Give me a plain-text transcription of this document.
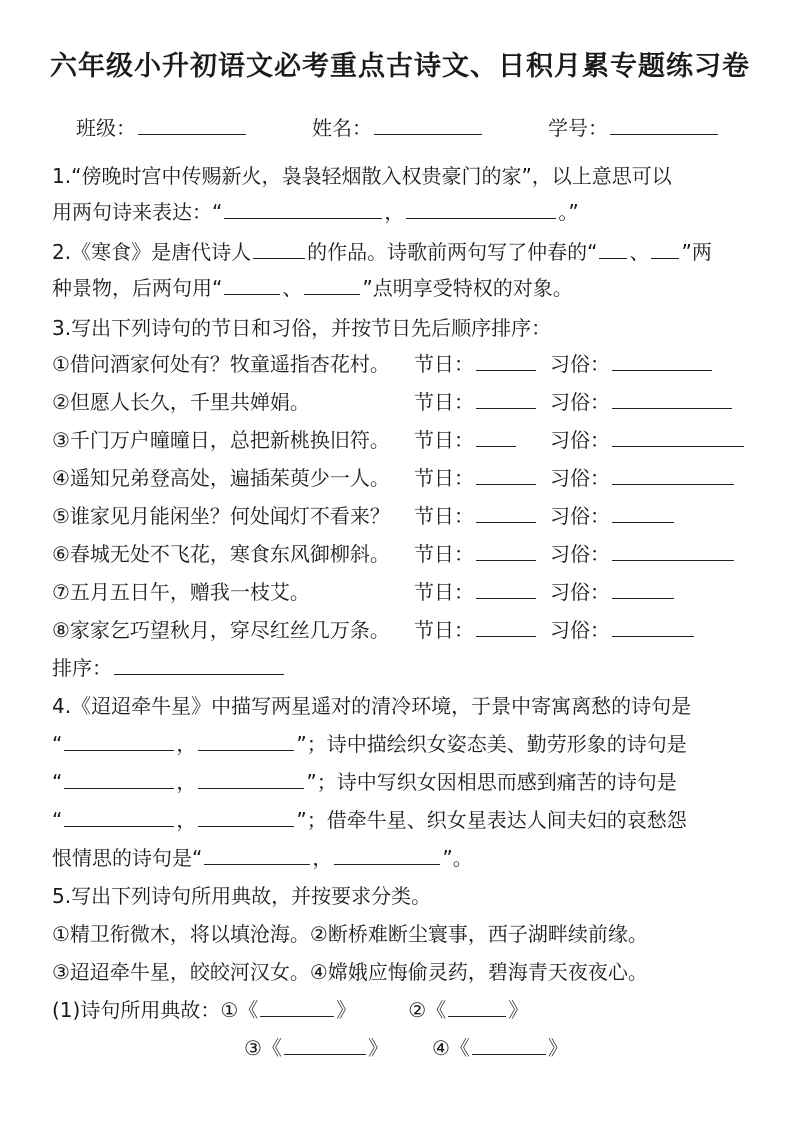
六年级小升初语文必考重点古诗文、日积月累专题练习卷
班级：	姓名：	学号：
1.“傍晚时宫中传赐新火，袅袅轻烟散入权贵豪门的家”，以上意思可以
用两句诗来表达：“	，	。”
2.《寒食》是唐代诗人	的作品。诗歌前两句写了仲春的“ 、 ”两
种景物，后两句用“	、	”点明享受特权的对象。
3.写出下列诗句的节日和习俗，并按节日先后顺序排序：
①借问酒家何处有？牧童遥指杏花村。 节日：	习俗：
②但愿人长久，千里共婵娟。	节日：	习俗：
③千门万户曈曈日，总把新桃换旧符。 节日：	习俗：
④遥知兄弟登高处，遍插茱萸少一人。 节日：	习俗：
⑤谁家见月能闲坐？何处闻灯不看来？ 节日：	习俗：
⑥春城无处不飞花，寒食东风御柳斜。 节日：	习俗：
⑦五月五日午，赠我一枝艾。	节日：	习俗：
⑧家家乞巧望秋月，穿尽红丝几万条。 节日：	习俗：
排序：
4.《迢迢牵牛星》中描写两星遥对的清冷环境，于景中寄寓离愁的诗句是
“	，	”；诗中描绘织女姿态美、勤劳形象的诗句是
“	，	”；诗中写织女因相思而感到痛苦的诗句是
“	，	”；借牵牛星、织女星表达人间夫妇的哀愁怨
恨情思的诗句是“	，	”。
5.写出下列诗句所用典故，并按要求分类。
①精卫衔微木，将以填沧海。②断桥难断尘寰事，西子湖畔续前缘。
③迢迢牵牛星，皎皎河汉女。④嫦娥应悔偷灵药，碧海青天夜夜心。
(1)诗句所用典故：①《	》	②《	》
③《	》 ④《	》
